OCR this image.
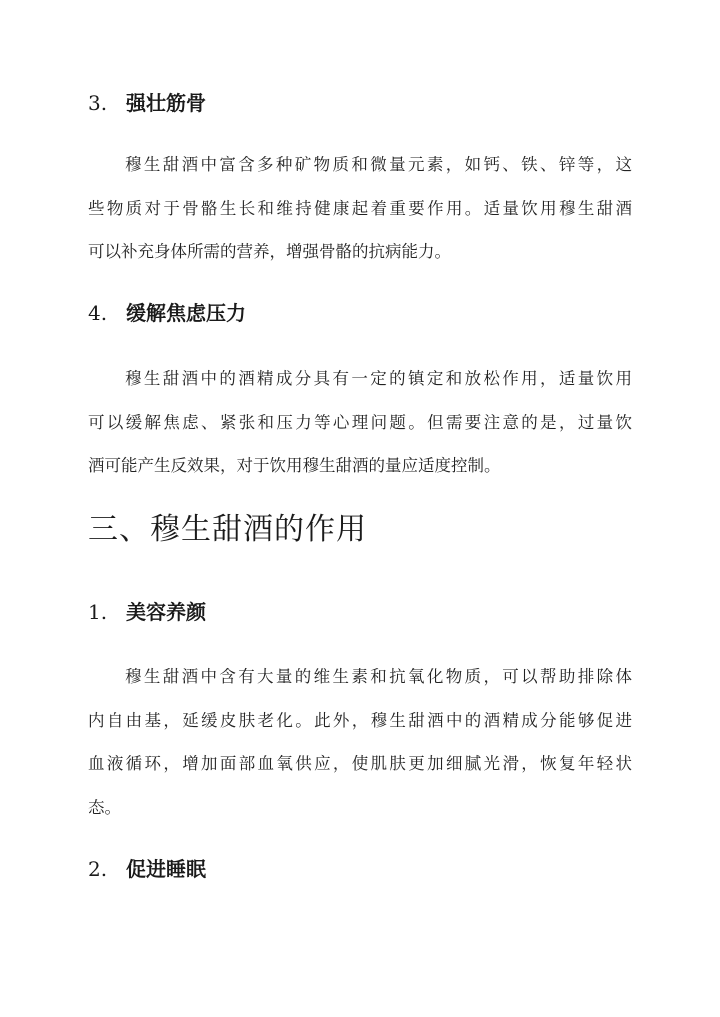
3. 强壮筋骨
穆生甜酒中富含多种矿物质和微量元素，如钙、铁、锌等，这
些物质对于骨骼生长和维持健康起着重要作用。适量饮用穆生甜酒
可以补充身体所需的营养，增强骨骼的抗病能力。
4. 缓解焦虑压力
穆生甜酒中的酒精成分具有一定的镇定和放松作用，适量饮用
可以缓解焦虑、紧张和压力等心理问题。但需要注意的是，过量饮
酒可能产生反效果，对于饮用穆生甜酒的量应适度控制。
三、穆生甜酒的作用
1. 美容养颜
穆生甜酒中含有大量的维生素和抗氧化物质，可以帮助排除体
内自由基，延缓皮肤老化。此外，穆生甜酒中的酒精成分能够促进
血液循环，增加面部血氧供应，使肌肤更加细腻光滑，恢复年轻状
态。
2. 促进睡眠
